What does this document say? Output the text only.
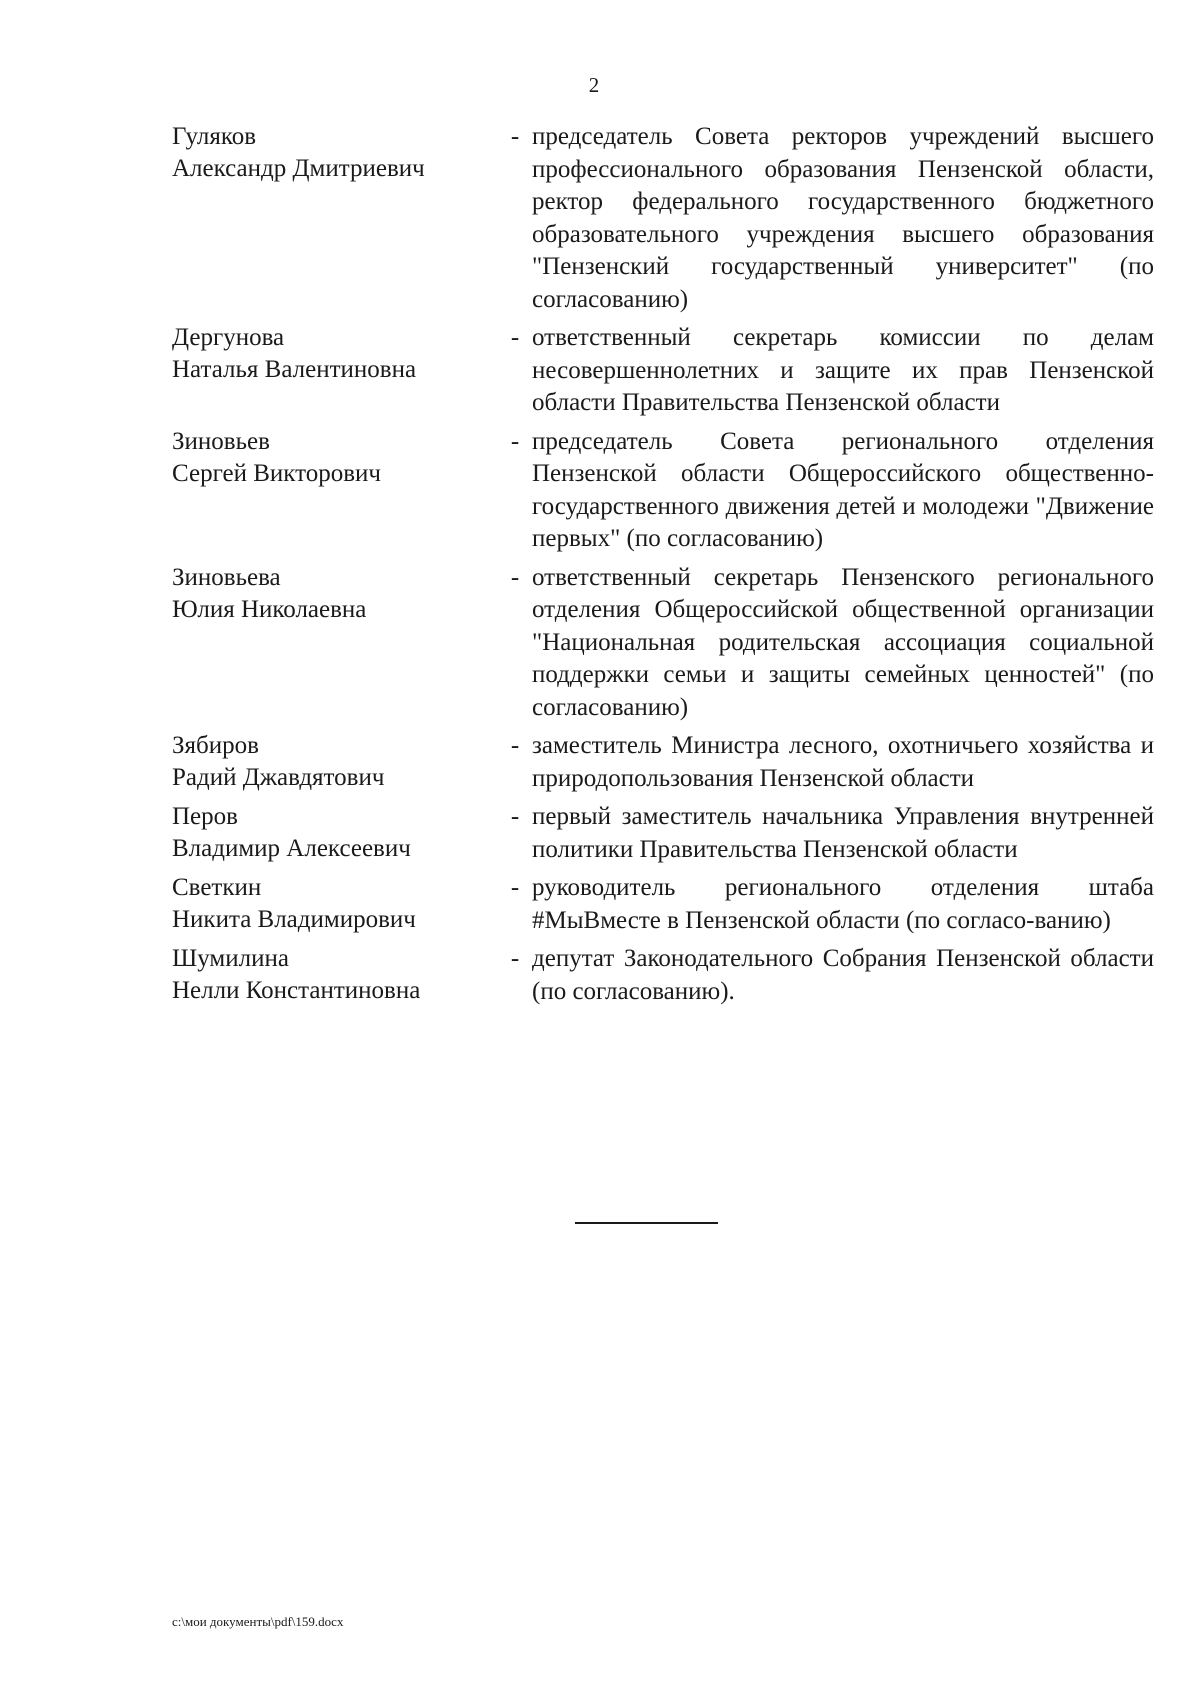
2
Гуляков
Александр Дмитриевич
- председатель Совета ректоров учреждений высшего профессионального образования Пензенской области, ректор федерального государственного бюджетного образовательного учреждения высшего образования "Пензенский государственный университет" (по согласованию)
Дергунова
Наталья Валентиновна
- ответственный секретарь комиссии по делам несовершеннолетних и защите их прав Пензенской области Правительства Пензенской области
Зиновьев
Сергей Викторович
- председатель Совета регионального отделения Пензенской области Общероссийского общественно-государственного движения детей и молодежи "Движение первых" (по согласованию)
Зиновьева
Юлия Николаевна
- ответственный секретарь Пензенского регионального отделения Общероссийской общественной организации "Национальная родительская ассоциация социальной поддержки семьи и защиты семейных ценностей" (по согласованию)
Зябиров
Радий Джавдятович
- заместитель Министра лесного, охотничьего хозяйства и природопользования Пензенской области
Перов
Владимир Алексеевич
- первый заместитель начальника Управления внутренней политики Правительства Пензенской области
Светкин
Никита Владимирович
- руководитель регионального отделения штаба #МыВместе в Пензенской области (по согласо-ванию)
Шумилина
Нелли Константиновна
- депутат Законодательного Собрания Пензенской области (по согласованию).
c:\мои документы\pdf\159.docx
